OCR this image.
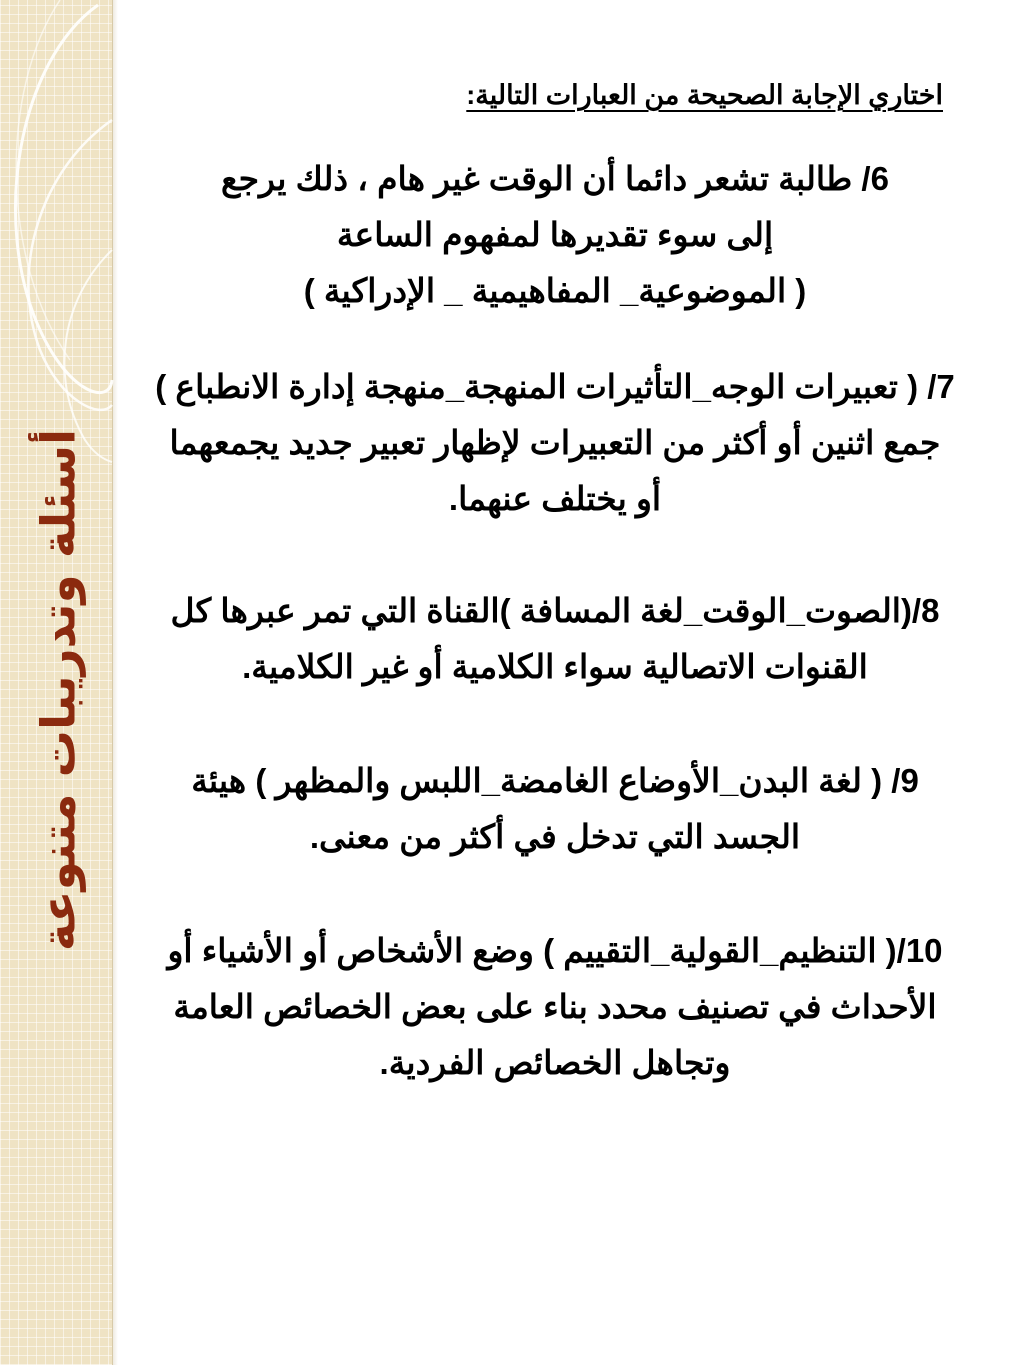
أسئلة وتدريبات متنوعة
اختاري الإجابة الصحيحة من العبارات التالية:

6/ طالبة تشعر دائما أن الوقت غير هام ، ذلك يرجع
إلى سوء تقديرها لمفهوم الساعة
( الموضوعية_ المفاهيمية _ الإدراكية )

7/ ( تعبيرات الوجه_التأثيرات المنهجة_منهجة إدارة الانطباع ) جمع اثنين أو أكثر من التعبيرات لإظهار تعبير جديد يجمعهما أو يختلف عنهما.

8/(الصوت_الوقت_لغة المسافة )القناة التي تمر عبرها كل القنوات الاتصالية سواء الكلامية أو غير الكلامية.

9/ ( لغة البدن_الأوضاع الغامضة_اللبس والمظهر ) هيئة الجسد التي تدخل في أكثر من معنى.

10/( التنظيم_القولية_التقييم ) وضع الأشخاص أو الأشياء أو الأحداث في تصنيف محدد بناء على بعض الخصائص العامة وتجاهل الخصائص الفردية.
